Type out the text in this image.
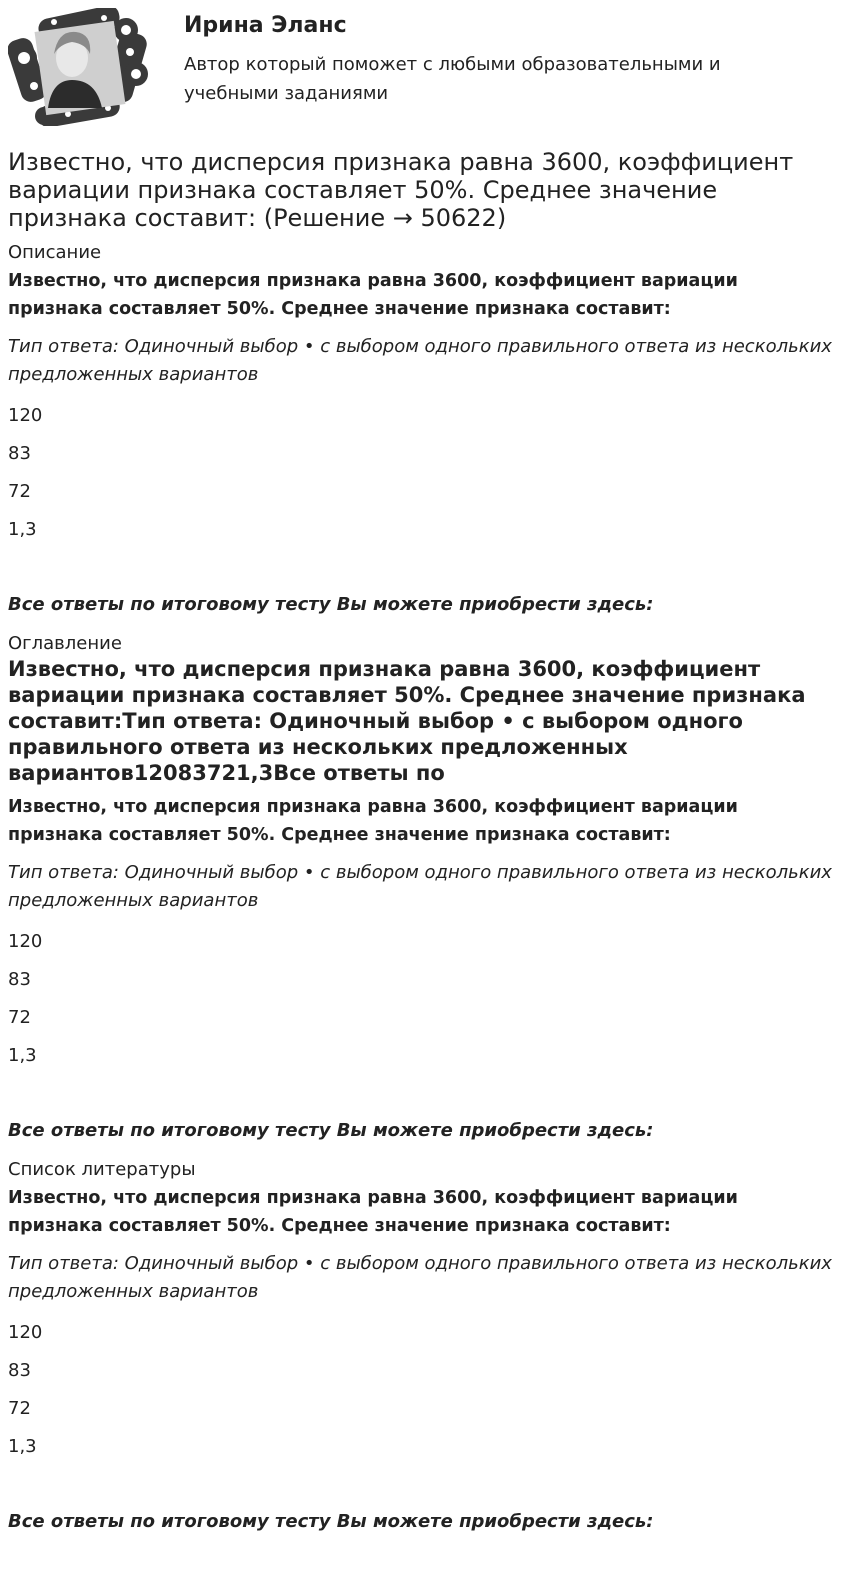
Ирина Эланс
Автор который поможет с любыми образовательными и учебными заданиями
Известно, что дисперсия признака равна 3600, коэффициент вариации признака составляет 50%. Среднее значение признака составит: (Решение → 50622)
Описание
Известно, что дисперсия признака равна 3600, коэффициент вариации признака составляет 50%. Среднее значение признака составит:
Тип ответа: Одиночный выбор • с выбором одного правильного ответа из нескольких предложенных вариантов
120
83
72
1,3
Все ответы по итоговому тесту Вы можете приобрести здесь:
Оглавление
Известно, что дисперсия признака равна 3600, коэффициент вариации признака составляет 50%. Среднее значение признака составит:Тип ответа: Одиночный выбор • с выбором одного правильного ответа из нескольких предложенных вариантов12083721,3Все ответы по
Известно, что дисперсия признака равна 3600, коэффициент вариации признака составляет 50%. Среднее значение признака составит:
Тип ответа: Одиночный выбор • с выбором одного правильного ответа из нескольких предложенных вариантов
120
83
72
1,3
Все ответы по итоговому тесту Вы можете приобрести здесь:
Список литературы
Известно, что дисперсия признака равна 3600, коэффициент вариации признака составляет 50%. Среднее значение признака составит:
Тип ответа: Одиночный выбор • с выбором одного правильного ответа из нескольких предложенных вариантов
120
83
72
1,3
Все ответы по итоговому тесту Вы можете приобрести здесь:
